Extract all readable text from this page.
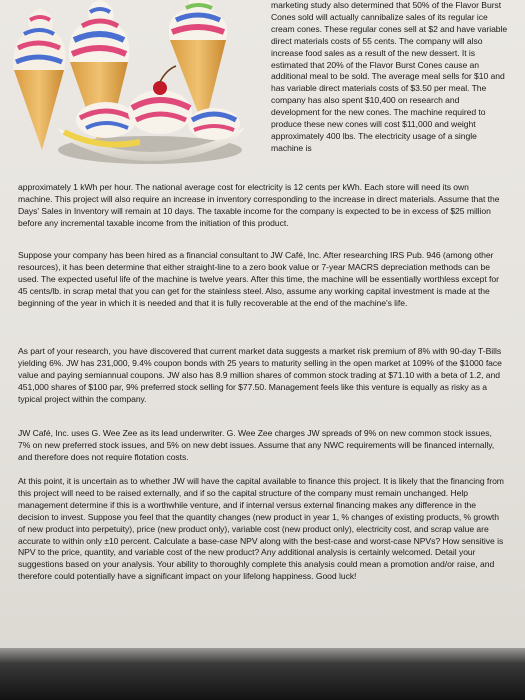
marketing study also determined that 50% of the Flavor Burst Cones sold will actually cannibalize sales of its regular ice cream cones. These regular cones sell at $2 and have variable direct materials costs of 55 cents. The company will also increase food sales as a result of the new dessert. It is estimated that 20% of the Flavor Burst Cones cause an additional meal to be sold. The average meal sells for $10 and has variable direct materials costs of $3.50 per meal. The company has also spent $10,400 on research and development for the new cones. The machine required to produce these new cones will cost $11,000 and weight approximately 400 lbs. The electricity usage of a single machine is

approximately 1 kWh per hour. The national average cost for electricity is 12 cents per kWh. Each store will need its own machine. This project will also require an increase in inventory corresponding to the increase in direct materials. Assume that the Days' Sales in Inventory will remain at 10 days. The taxable income for the company is expected to be in excess of $25 million before any incremental taxable income from the initiation of this product.

Suppose your company has been hired as a financial consultant to JW Café, Inc. After researching IRS Pub. 946 (among other resources), it has been determine that either straight-line to a zero book value or 7-year MACRS depreciation methods can be used. The expected useful life of the machine is twelve years. After this time, the machine will be essentially worthless except for 45 cents/lb. in scrap metal that you can get for the stainless steel. Also, assume any working capital investment is made at the beginning of the year in which it is needed and that it is fully recoverable at the end of the machine's life.

As part of your research, you have discovered that current market data suggests a market risk premium of 8% with 90-day T-Bills yielding 6%. JW has 231,000, 9.4% coupon bonds with 25 years to maturity selling in the open market at 109% of the $1000 face value and paying semiannual coupons. JW also has 8.9 million shares of common stock trading at $71.10 with a beta of 1.2, and 451,000 shares of $100 par, 9% preferred stock selling for $77.50. Management feels like this venture is equally as risky as a typical project within the company.

JW Café, Inc. uses G. Wee Zee as its lead underwriter. G. Wee Zee charges JW spreads of 9% on new common stock issues, 7% on new preferred stock issues, and 5% on new debt issues. Assume that any NWC requirements will be financed internally, and therefore does not require flotation costs.

At this point, it is uncertain as to whether JW will have the capital available to finance this project. It is likely that the financing from this project will need to be raised externally, and if so the capital structure of the company must remain unchanged. Help management determine if this is a worthwhile venture, and if internal versus external financing makes any difference in the decision to invest. Suppose you feel that the quantity changes (new product in year 1, % changes of existing products, % growth of new product into perpetuity), price (new product only), variable cost (new product only), electricity cost, and scrap value are accurate to within only ±10 percent. Calculate a base-case NPV along with the best-case and worst-case NPVs? How sensitive is NPV to the price, quantity, and variable cost of the new product? Any additional analysis is certainly welcomed. Detail your suggestions based on your analysis. Your ability to thoroughly complete this analysis could mean a promotion and/or raise, and therefore could potentially have a significant impact on your lifelong happiness. Good luck!
